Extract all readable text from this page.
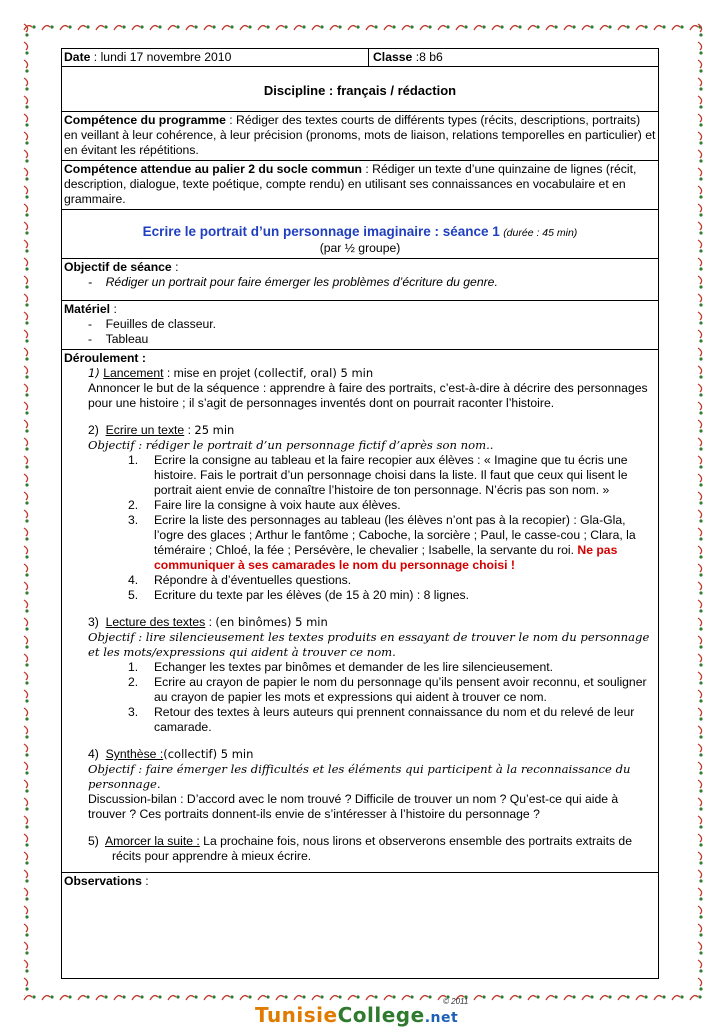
Date : lundi 17 novembre 2010	Classe :8 b6
Discipline : français / rédaction
Compétence du programme : Rédiger des textes courts de différents types (récits, descriptions, portraits) en veillant à leur cohérence, à leur précision (pronoms, mots de liaison, relations temporelles en particulier) et en évitant les répétitions.
Compétence attendue au palier 2 du socle commun : Rédiger un texte d’une quinzaine de lignes (récit, description, dialogue, texte poétique, compte rendu) en utilisant ses connaissances en vocabulaire et en grammaire.
Ecrire le portrait d’un personnage imaginaire : séance 1 (durée : 45 min)
(par ½ groupe)
Objectif de séance :
-    Rédiger un portrait pour faire émerger les problèmes d’écriture du genre.
Matériel :
-    Feuilles de classeur.
-    Tableau
Déroulement :
1) Lancement : mise en projet (collectif, oral) 5 min
Annoncer le but de la séquence : apprendre à faire des portraits, c’est-à-dire à décrire des personnages pour une histoire ; il s’agit de personnages inventés dont on pourrait raconter l’histoire.
2) Ecrire un texte : 25 min
Objectif : rédiger le portrait d’un personnage fictif d’après son nom..
1.	Ecrire la consigne au tableau et la faire recopier aux élèves : « Imagine que tu écris une histoire. Fais le portrait d’un personnage choisi dans la liste. Il faut que ceux qui lisent le portrait aient envie de connaître l’histoire de ton personnage. N’écris pas son nom. »
2.	Faire lire la consigne à voix haute aux élèves.
3.	Ecrire la liste des personnages au tableau (les élèves n’ont pas à la recopier) : Gla-Gla, l’ogre des glaces ; Arthur le fantôme ; Caboche, la sorcière ; Paul, le casse-cou ; Clara, la téméraire ; Chloé, la fée ; Persévère, le chevalier ; Isabelle, la servante du roi. Ne pas communiquer à ses camarades le nom du personnage choisi !
4.	Répondre à d’éventuelles questions.
5.	Ecriture du texte par les élèves (de 15 à 20 min) : 8 lignes.
3) Lecture des textes : (en binômes) 5 min
Objectif : lire silencieusement les textes produits en essayant de trouver le nom du personnage et les mots/expressions qui aident à trouver ce nom.
1.	Echanger les textes par binômes et demander de les lire silencieusement.
2.	Ecrire au crayon de papier le nom du personnage qu’ils pensent avoir reconnu, et souligner au crayon de papier les mots et expressions qui aident à trouver ce nom.
3.	Retour des textes à leurs auteurs qui prennent connaissance du nom et du relevé de leur camarade.
4) Synthèse :(collectif) 5 min
Objectif : faire émerger les difficultés et les éléments qui participent à la reconnaissance du personnage.
Discussion-bilan : D’accord avec le nom trouvé ? Difficile de trouver un nom ? Qu’est-ce qui aide à trouver ? Ces portraits donnent-ils envie de s’intéresser à l’histoire du personnage ?
5) Amorcer la suite : La prochaine fois, nous lirons et observerons ensemble des portraits extraits de récits pour apprendre à mieux écrire.
Observations :
© 2011
TunisieCollege.net
